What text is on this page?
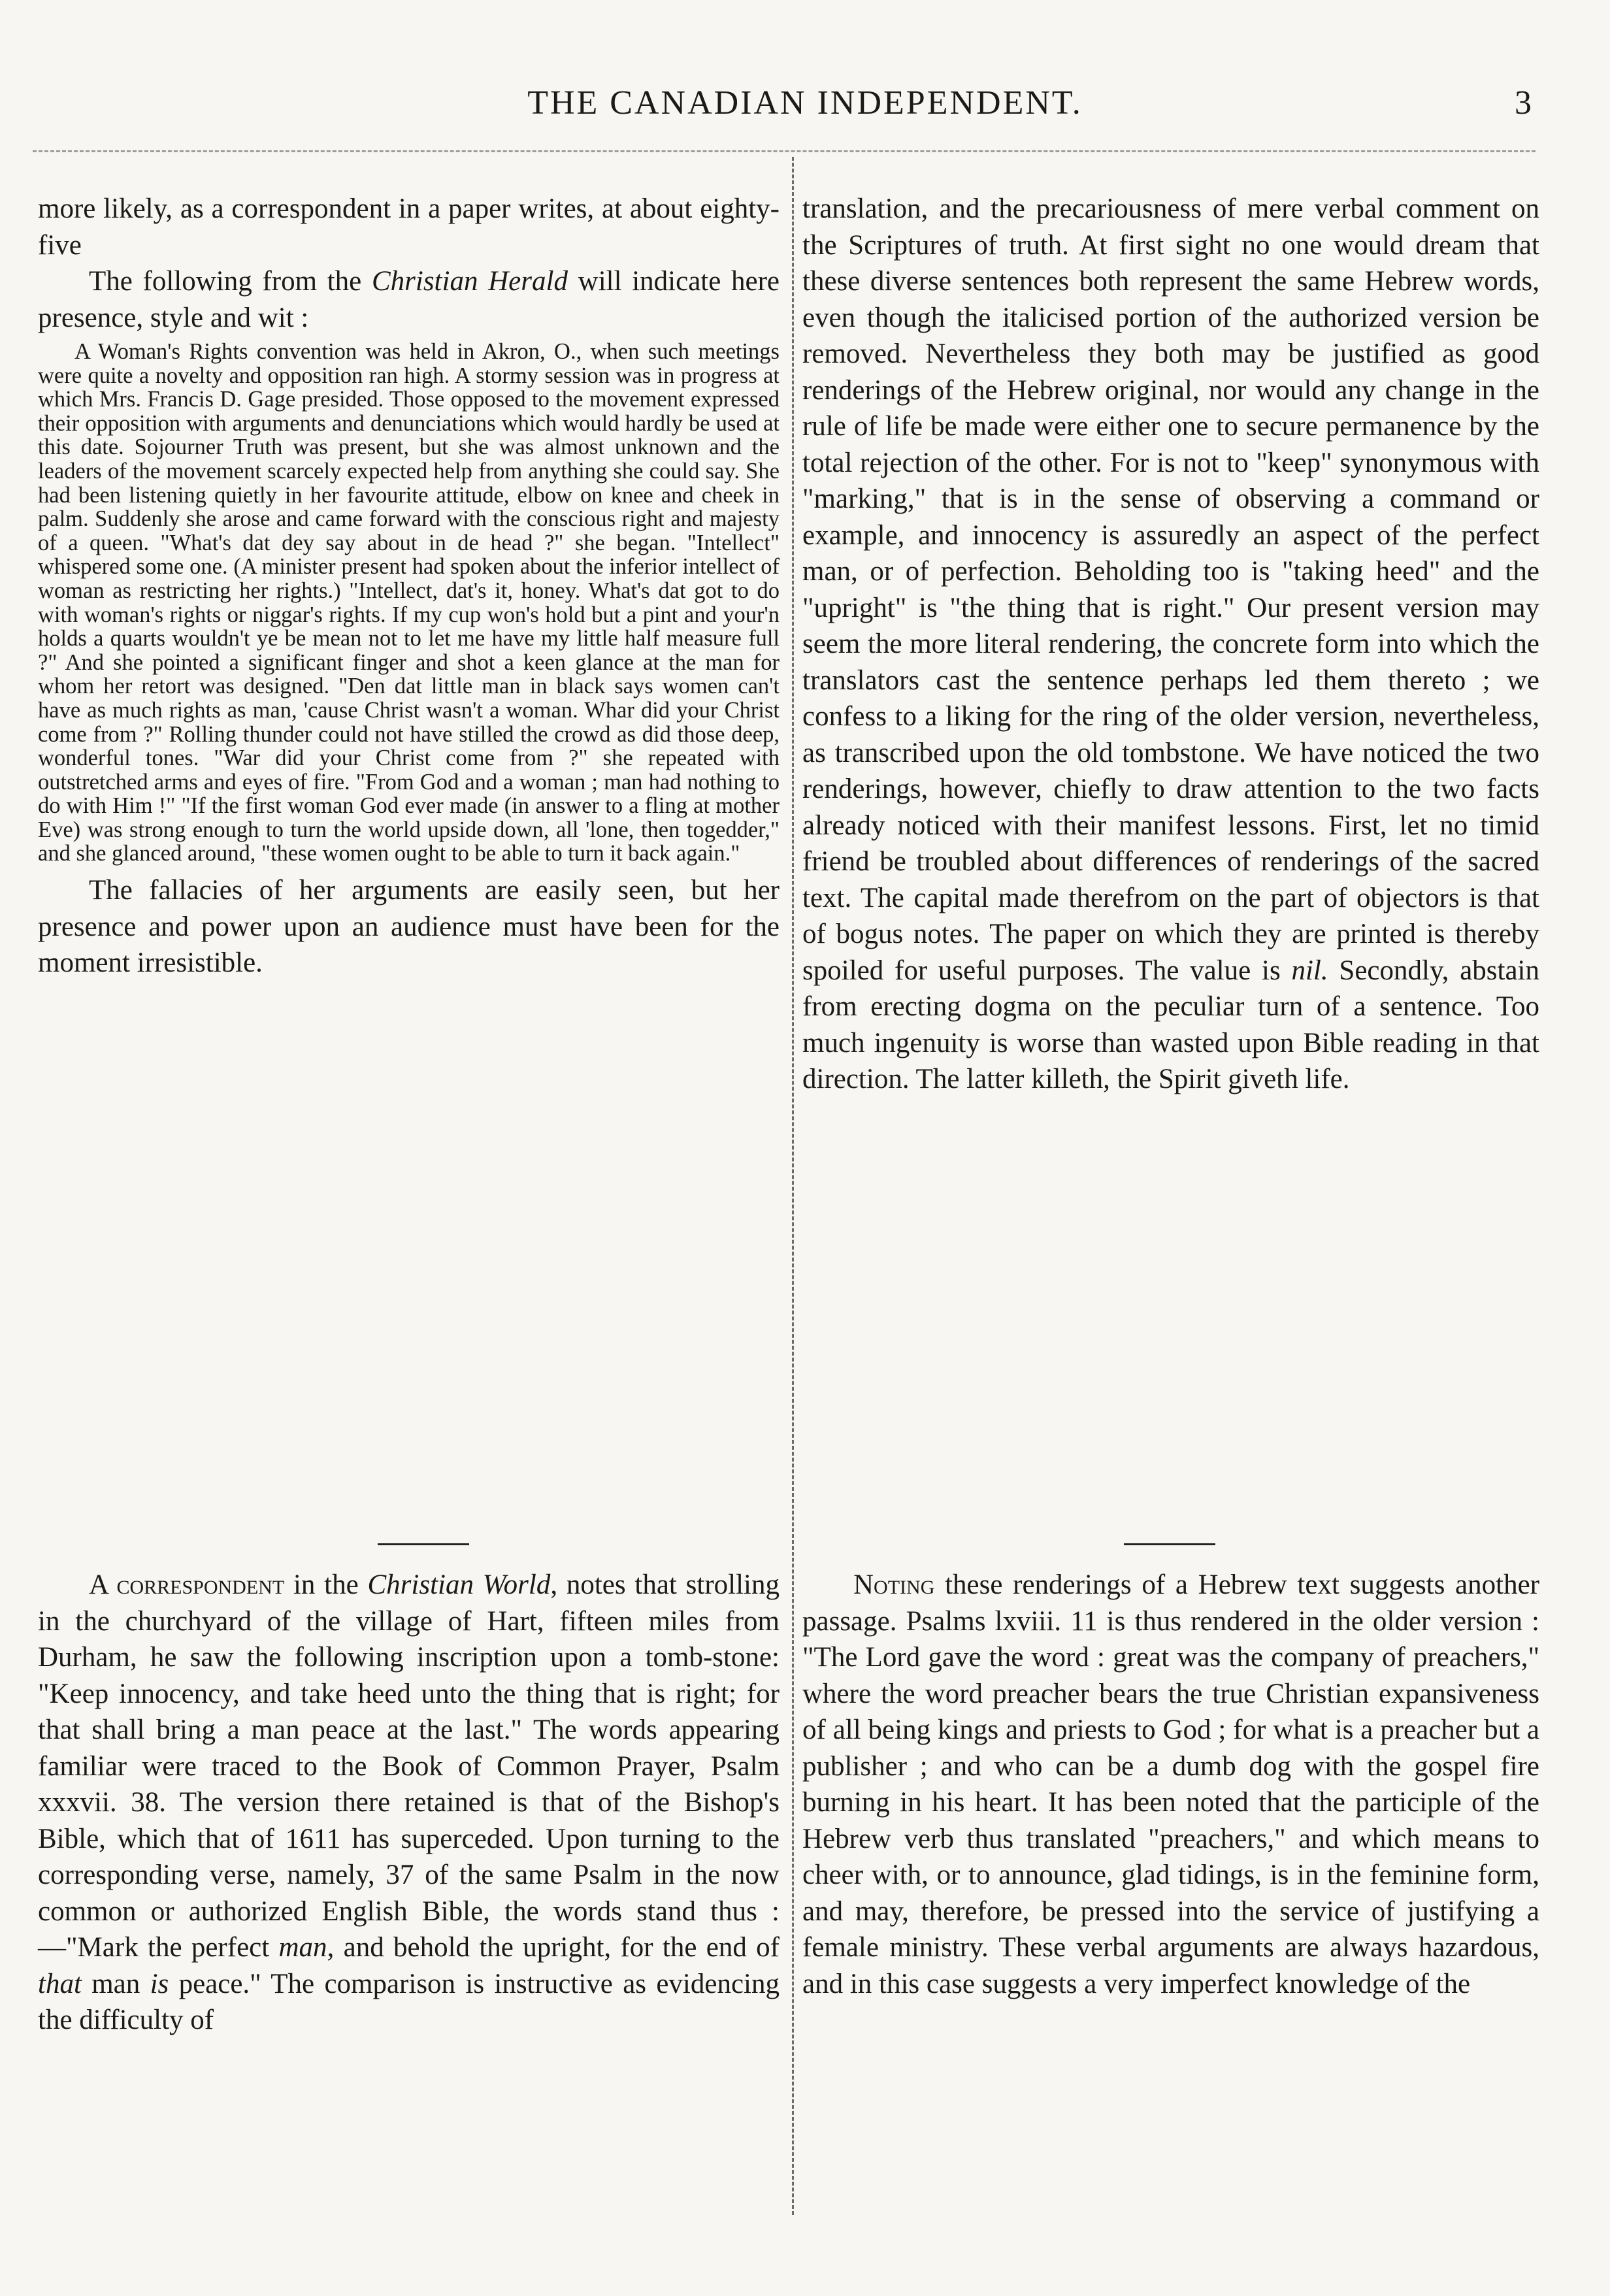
THE CANADIAN INDEPENDENT.	3

more likely, as a correspondent in a paper writes, at about eighty-five

The following from the Christian Herald will indicate here presence, style and wit :

A Woman's Rights convention was held in Akron, O., when such meetings were quite a novelty and opposition ran high. A stormy session was in progress at which Mrs. Francis D. Gage presided. Those opposed to the movement expressed their opposition with arguments and denunciations which would hardly be used at this date. Sojourner Truth was present, but she was almost unknown and the leaders of the movement scarcely expected help from anything she could say. She had been listening quietly in her favourite attitude, elbow on knee and cheek in palm. Suddenly she arose and came forward with the conscious right and majesty of a queen. "What's dat dey say about in de head ?" she began. "Intellect" whispered some one. (A minister present had spoken about the inferior intellect of woman as restricting her rights.) "Intellect, dat's it, honey. What's dat got to do with woman's rights or niggar's rights. If my cup won's hold but a pint and your'n holds a quarts wouldn't ye be mean not to let me have my little half measure full ?" And she pointed a significant finger and shot a keen glance at the man for whom her retort was designed. "Den dat little man in black says women can't have as much rights as man, 'cause Christ wasn't a woman. Whar did your Christ come from ?" Rolling thunder could not have stilled the crowd as did those deep, wonderful tones. "War did your Christ come from ?" she repeated with outstretched arms and eyes of fire. "From God and a woman ; man had nothing to do with Him !" "If the first woman God ever made (in answer to a fling at mother Eve) was strong enough to turn the world upside down, all 'lone, then togedder," and she glanced around, "these women ought to be able to turn it back again."

The fallacies of her arguments are easily seen, but her presence and power upon an audience must have been for the moment irresistible.

A correspondent in the Christian World, notes that strolling in the churchyard of the village of Hart, fifteen miles from Durham, he saw the following inscription upon a tomb-stone: "Keep innocency, and take heed unto the thing that is right; for that shall bring a man peace at the last." The words appearing familiar were traced to the Book of Common Prayer, Psalm xxxvii. 38. The version there retained is that of the Bishop's Bible, which that of 1611 has superceded. Upon turning to the corresponding verse, namely, 37 of the same Psalm in the now common or authorized English Bible, the words stand thus :—"Mark the perfect man, and behold the upright, for the end of that man is peace." The comparison is instructive as evidencing the difficulty of

translation, and the precariousness of mere verbal comment on the Scriptures of truth. At first sight no one would dream that these diverse sentences both represent the same Hebrew words, even though the italicised portion of the authorized version be removed. Nevertheless they both may be justified as good renderings of the Hebrew original, nor would any change in the rule of life be made were either one to secure permanence by the total rejection of the other. For is not to "keep" synonymous with "marking," that is in the sense of observing a command or example, and innocency is assuredly an aspect of the perfect man, or of perfection. Beholding too is "taking heed" and the "upright" is "the thing that is right." Our present version may seem the more literal rendering, the concrete form into which the translators cast the sentence perhaps led them thereto ; we confess to a liking for the ring of the older version, nevertheless, as transcribed upon the old tombstone. We have noticed the two renderings, however, chiefly to draw attention to the two facts already noticed with their manifest lessons. First, let no timid friend be troubled about differences of renderings of the sacred text. The capital made therefrom on the part of objectors is that of bogus notes. The paper on which they are printed is thereby spoiled for useful purposes. The value is nil. Secondly, abstain from erecting dogma on the peculiar turn of a sentence. Too much ingenuity is worse than wasted upon Bible reading in that direction. The latter killeth, the Spirit giveth life.

Noting these renderings of a Hebrew text suggests another passage. Psalms lxviii. 11 is thus rendered in the older version : "The Lord gave the word : great was the company of preachers," where the word preacher bears the true Christian expansiveness of all being kings and priests to God ; for what is a preacher but a publisher ; and who can be a dumb dog with the gospel fire burning in his heart. It has been noted that the participle of the Hebrew verb thus translated "preachers," and which means to cheer with, or to announce, glad tidings, is in the feminine form, and may, therefore, be pressed into the service of justifying a female ministry. These verbal arguments are always hazardous, and in this case suggests a very imperfect knowledge of the
